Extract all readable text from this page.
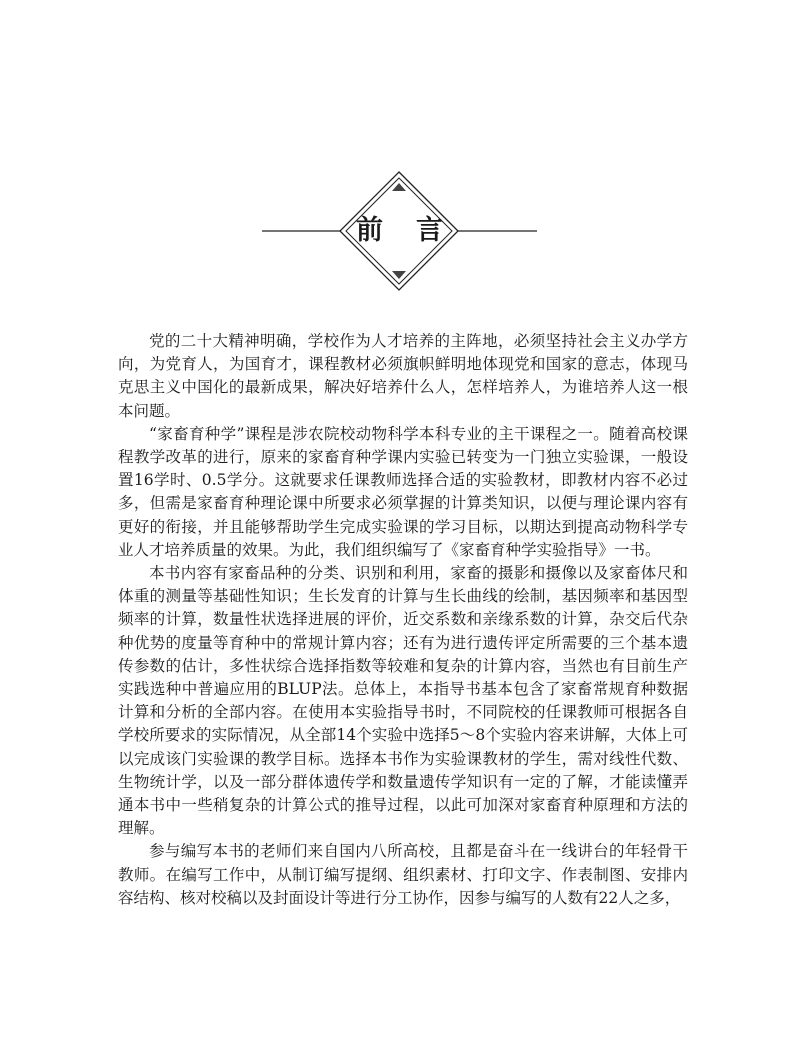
前 言

党的二十大精神明确，学校作为人才培养的主阵地，必须坚持社会主义办学方向，为党育人，为国育才，课程教材必须旗帜鲜明地体现党和国家的意志，体现马克思主义中国化的最新成果，解决好培养什么人，怎样培养人，为谁培养人这一根本问题。

“家畜育种学”课程是涉农院校动物科学本科专业的主干课程之一。随着高校课程教学改革的进行，原来的家畜育种学课内实验已转变为一门独立实验课，一般设置16学时、0.5学分。这就要求任课教师选择合适的实验教材，即教材内容不必过多，但需是家畜育种理论课中所要求必须掌握的计算类知识，以便与理论课内容有更好的衔接，并且能够帮助学生完成实验课的学习目标，以期达到提高动物科学专业人才培养质量的效果。为此，我们组织编写了《家畜育种学实验指导》一书。

本书内容有家畜品种的分类、识别和利用，家畜的摄影和摄像以及家畜体尺和体重的测量等基础性知识；生长发育的计算与生长曲线的绘制，基因频率和基因型频率的计算，数量性状选择进展的评价，近交系数和亲缘系数的计算，杂交后代杂种优势的度量等育种中的常规计算内容；还有为进行遗传评定所需要的三个基本遗传参数的估计，多性状综合选择指数等较难和复杂的计算内容，当然也有目前生产实践选种中普遍应用的BLUP法。总体上，本指导书基本包含了家畜常规育种数据计算和分析的全部内容。在使用本实验指导书时，不同院校的任课教师可根据各自学校所要求的实际情况，从全部14个实验中选择5～8个实验内容来讲解，大体上可以完成该门实验课的教学目标。选择本书作为实验课教材的学生，需对线性代数、生物统计学，以及一部分群体遗传学和数量遗传学知识有一定的了解，才能读懂弄通本书中一些稍复杂的计算公式的推导过程，以此可加深对家畜育种原理和方法的理解。

参与编写本书的老师们来自国内八所高校，且都是奋斗在一线讲台的年轻骨干教师。在编写工作中，从制订编写提纲、组织素材、打印文字、作表制图、安排内容结构、核对校稿以及封面设计等进行分工协作，因参与编写的人数有22人之多，
